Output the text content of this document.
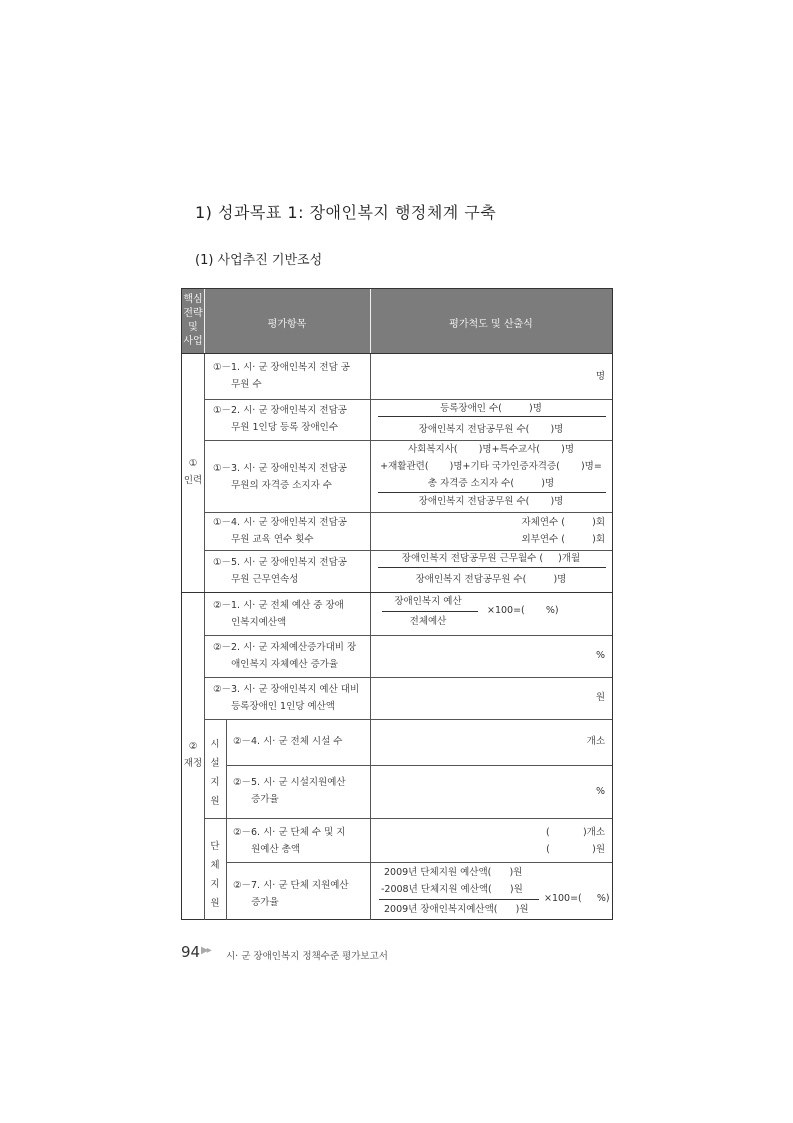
1) 성과목표 1: 장애인복지 행정체계 구축
(1) 사업추진 기반조성
핵심
전략
및
사업
평가항목	평가척도 및 산출식
①
인력
②
재정
시
설
지
원
단
체
지
원
①－1. 시· 군 장애인복지 전담 공
무원 수
명
①－2. 시· 군 장애인복지 전담공
무원 1인당 등록 장애인수
등록장애인 수(         )명
장애인복지 전담공무원 수(       )명
①－3. 시· 군 장애인복지 전담공
무원의 자격증 소지자 수
사회복지사(       )명+특수교사(       )명
+재활관련(       )명+기타 국가인증자격증(       )명=
총 자격증 소지자 수(         )명
장애인복지 전담공무원 수(       )명
①－4. 시· 군 장애인복지 전담공
무원 교육 연수 횟수
자체연수 (         )회
외부연수 (         )회
①－5. 시· 군 장애인복지 전담공
무원 근무연속성
장애인복지 전담공무원 근무월수 (     )개월
장애인복지 전담공무원 수(         )명
②－1. 시· 군 전체 예산 중 장애
인복지예산액
장애인복지 예산
전체예산
×100=(       %)
②－2. 시· 군 자체예산증가대비 장
애인복지 자체예산 증가율
%
②－3. 시· 군 장애인복지 예산 대비
등록장애인 1인당 예산액
원
②－4. 시· 군 전체 시설 수	개소
②－5. 시· 군 시설지원예산
증가율
%
②－6. 시· 군 단체 수 및 지
원예산 총액
(           )개소
(              )원
②－7. 시· 군 단체 지원예산
증가율
2009년 단체지원 예산액(      )원
-2008년 단체지원 예산액(      )원
2009년 장애인복지예산액(      )원
×100=(     %)
94 ▶▸
시· 군 장애인복지 정책수준 평가보고서
